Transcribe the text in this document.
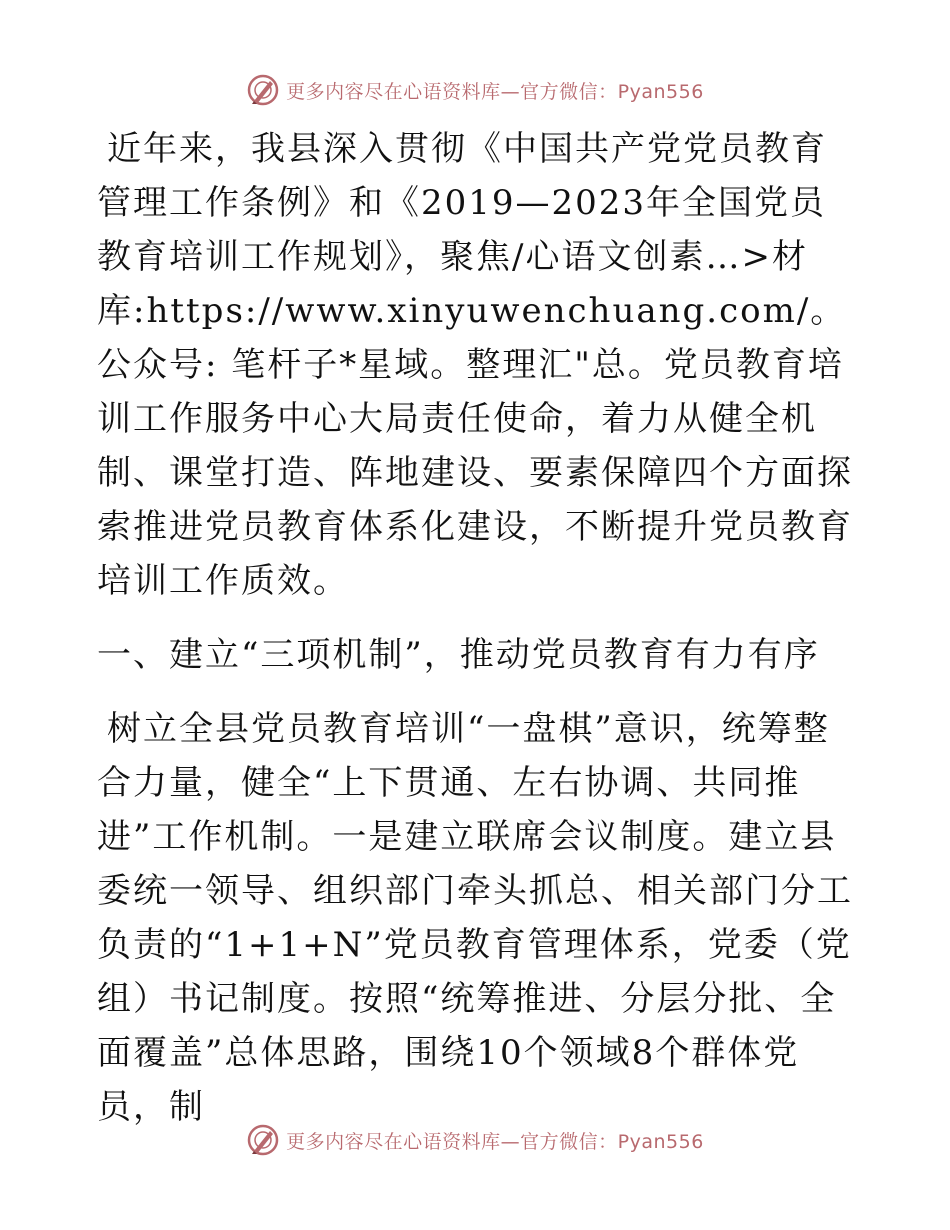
更多内容尽在心语资料库—官方微信：Pyan556

近年来，我县深入贯彻《中国共产党党员教育管理工作条例》和《2019—2023年全国党员教育培训工作规划》，聚焦/心语文创素…>材库:https://www.xinyuwenchuang.com/。公众号: 笔杆子*星域。整理汇"总。党员教育培训工作服务中心大局责任使命，着力从健全机制、课堂打造、阵地建设、要素保障四个方面探索推进党员教育体系化建设，不断提升党员教育培训工作质效。

一、建立“三项机制”，推动党员教育有力有序

树立全县党员教育培训“一盘棋”意识，统筹整合力量，健全“上下贯通、左右协调、共同推进”工作机制。一是建立联席会议制度。建立县委统一领导、组织部门牵头抓总、相关部门分工负责的“1+1+N”党员教育管理体系，党委（党组）书记制度。按照“统筹推进、分层分批、全面覆盖”总体思路，围绕10个领域8个群体党员，制

更多内容尽在心语资料库—官方微信：Pyan556
